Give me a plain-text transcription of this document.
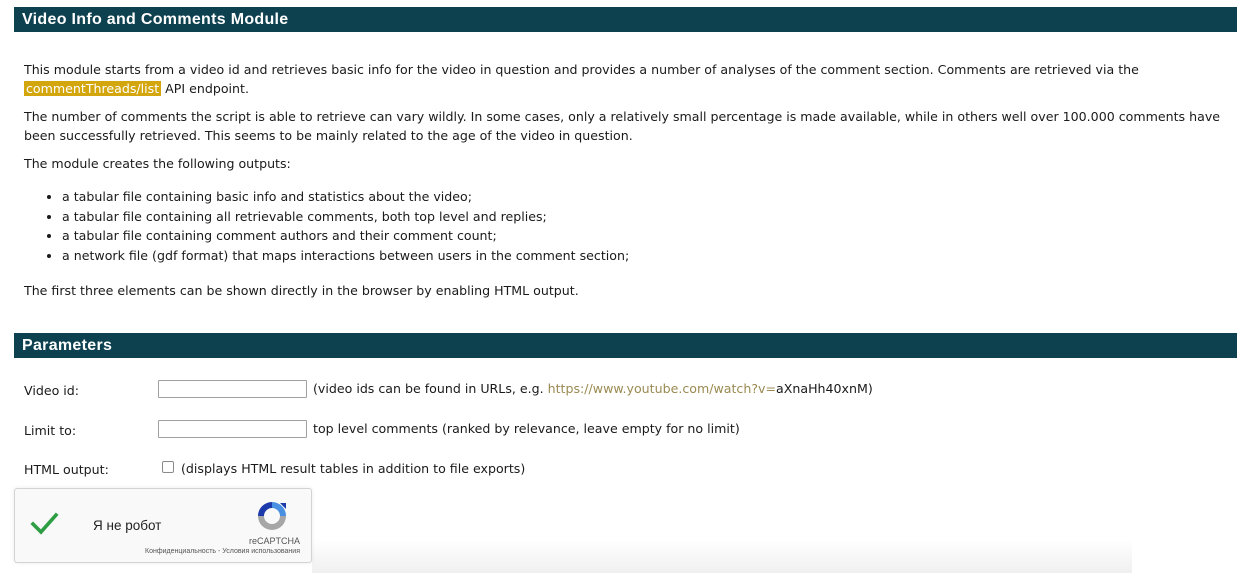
Video Info and Comments Module
This module starts from a video id and retrieves basic info for the video in question and provides a number of analyses of the comment section. Comments are retrieved via the
commentThreads/list API endpoint.
The number of comments the script is able to retrieve can vary wildly. In some cases, only a relatively small percentage is made available, while in others well over 100.000 comments have been successfully retrieved. This seems to be mainly related to the age of the video in question.
The module creates the following outputs:
• a tabular file containing basic info and statistics about the video;
• a tabular file containing all retrievable comments, both top level and replies;
• a tabular file containing comment authors and their comment count;
• a network file (gdf format) that maps interactions between users in the comment section;
The first three elements can be shown directly in the browser by enabling HTML output.
Parameters
Video id:	(video ids can be found in URLs, e.g. https://www.youtube.com/watch?v=aXnaHh40xnM)
Limit to:	top level comments (ranked by relevance, leave empty for no limit)
HTML output:	(displays HTML result tables in addition to file exports)
Я не робот
reCAPTCHA
Конфиденциальность - Условия использования
